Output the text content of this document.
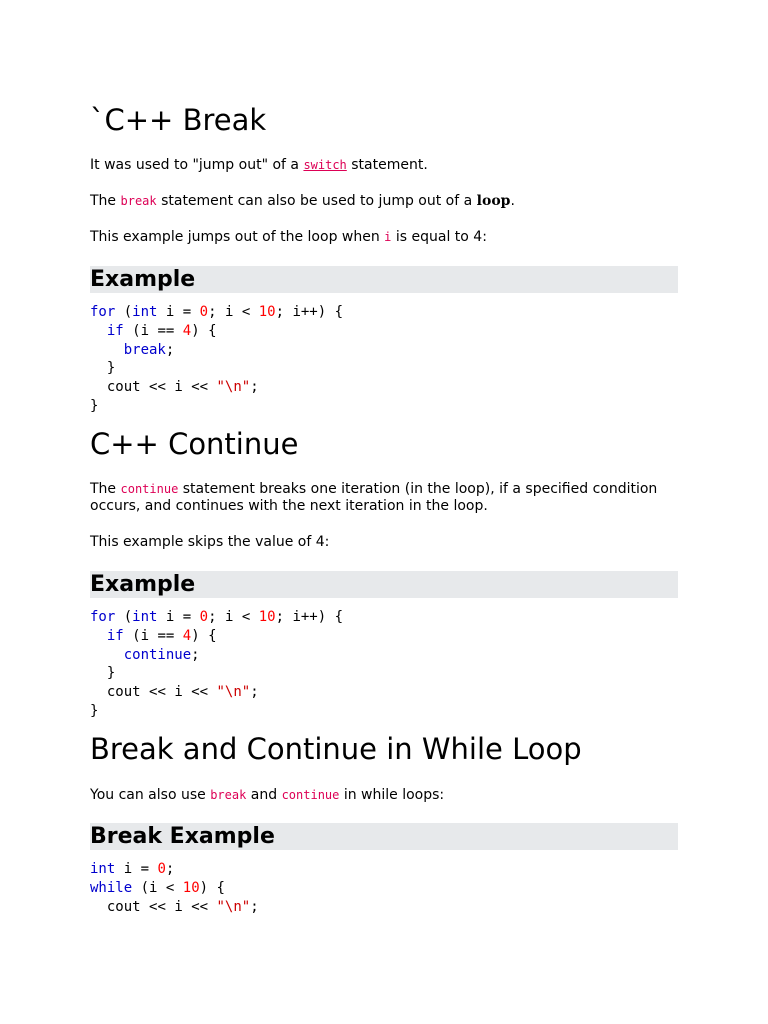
`C++ Break

It was used to "jump out" of a switch statement.

The break statement can also be used to jump out of a loop.

This example jumps out of the loop when i is equal to 4:

Example
for (int i = 0; i < 10; i++) {
if (i == 4) {
break;
}
cout << i << "\n";
}
C++ Continue

The continue statement breaks one iteration (in the loop), if a specified condition occurs, and continues with the next iteration in the loop.

This example skips the value of 4:

Example
for (int i = 0; i < 10; i++) {
if (i == 4) {
continue;
}
cout << i << "\n";
}
Break and Continue in While Loop

You can also use break and continue in while loops:

Break Example
int i = 0;
while (i < 10) {
cout << i << "\n";
